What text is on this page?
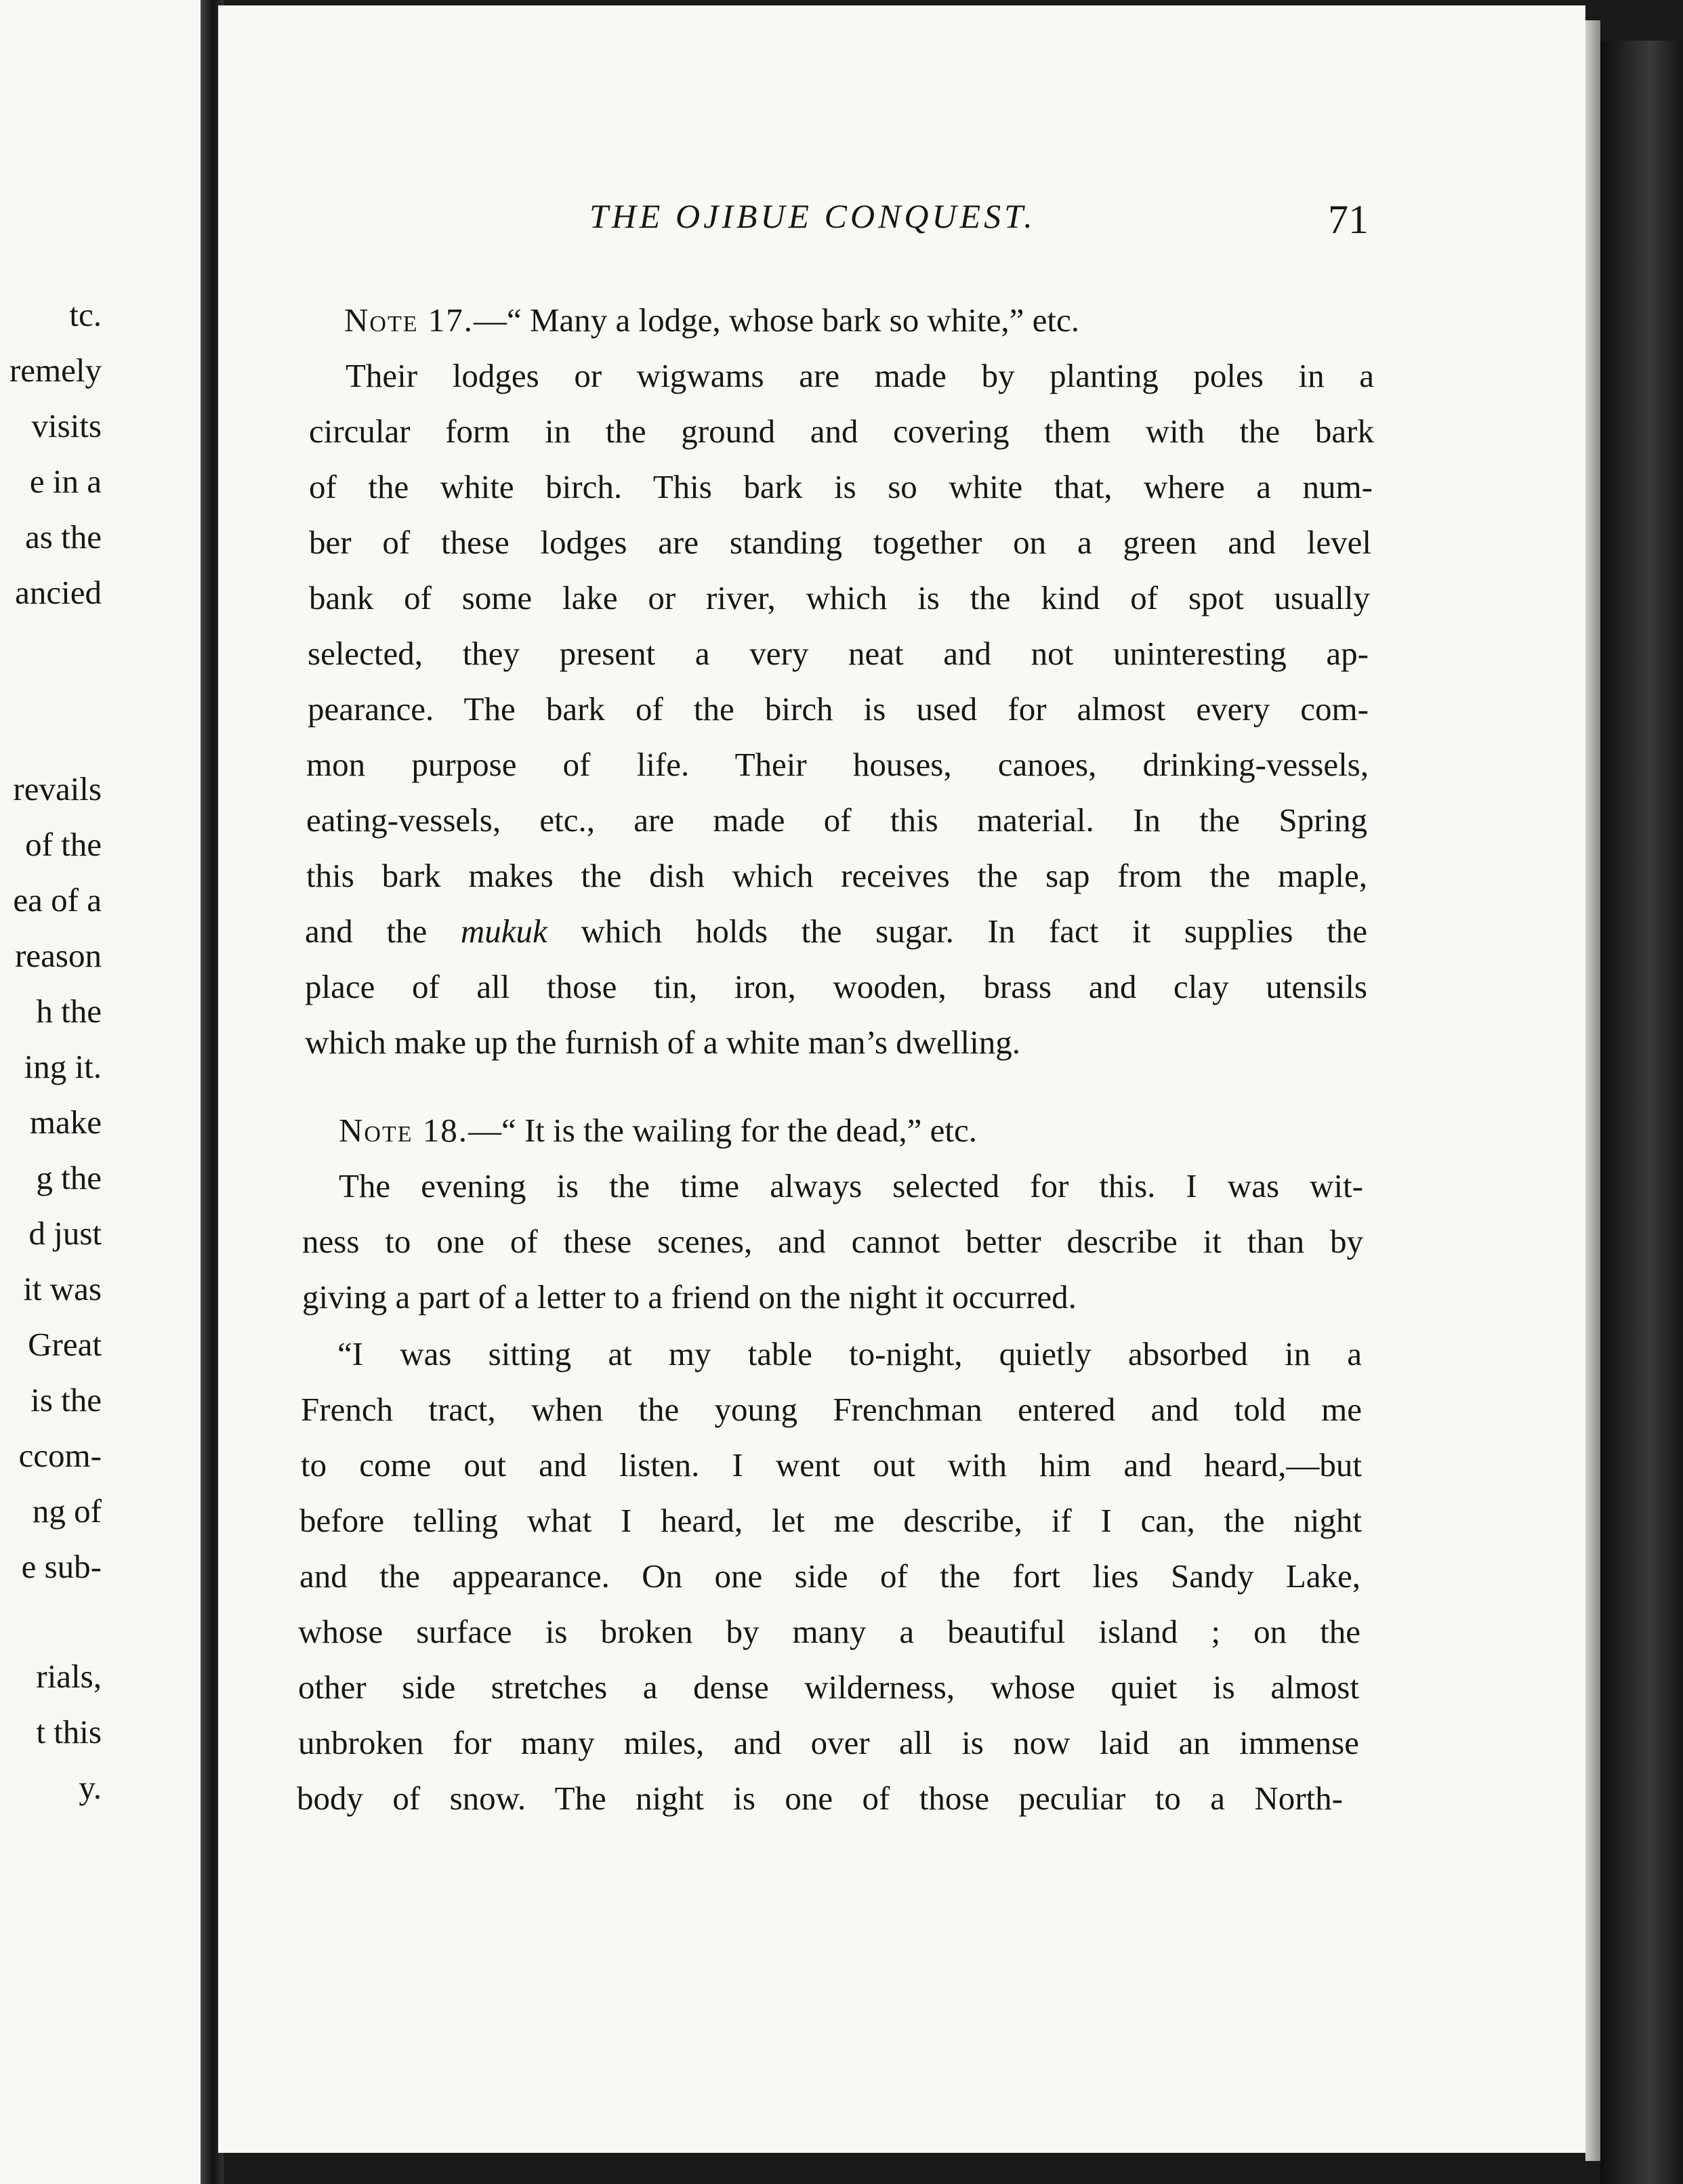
tc.
remely
visits
e in a
as the
ancied
revails
of the
ea of a
reason
h the
ing it.
make
g the
d just
it was
Great
is the
ccom-
ng of
e sub-
rials,
t this
y.
THE OJIBUE CONQUEST.	71
Note 17.—“ Many a lodge, whose bark so white,” etc.
Their lodges or wigwams are made by planting poles in a
circular form in the ground and covering them with the bark
of the white birch. This bark is so white that, where a num-
ber of these lodges are standing together on a green and level
bank of some lake or river, which is the kind of spot usually
selected, they present a very neat and not uninteresting ap-
pearance. The bark of the birch is used for almost every com-
mon purpose of life. Their houses, canoes, drinking-vessels,
eating-vessels, etc., are made of this material. In the Spring
this bark makes the dish which receives the sap from the maple,
and the mukuk which holds the sugar. In fact it supplies the
place of all those tin, iron, wooden, brass and clay utensils
which make up the furnish of a white man’s dwelling.
Note 18.—“ It is the wailing for the dead,” etc.
The evening is the time always selected for this. I was wit-
ness to one of these scenes, and cannot better describe it than by
giving a part of a letter to a friend on the night it occurred.
“I was sitting at my table to-night, quietly absorbed in a
French tract, when the young Frenchman entered and told me
to come out and listen. I went out with him and heard,—but
before telling what I heard, let me describe, if I can, the night
and the appearance. On one side of the fort lies Sandy Lake,
whose surface is broken by many a beautiful island ; on the
other side stretches a dense wilderness, whose quiet is almost
unbroken for many miles, and over all is now laid an immense
body of snow. The night is one of those peculiar to a North-
